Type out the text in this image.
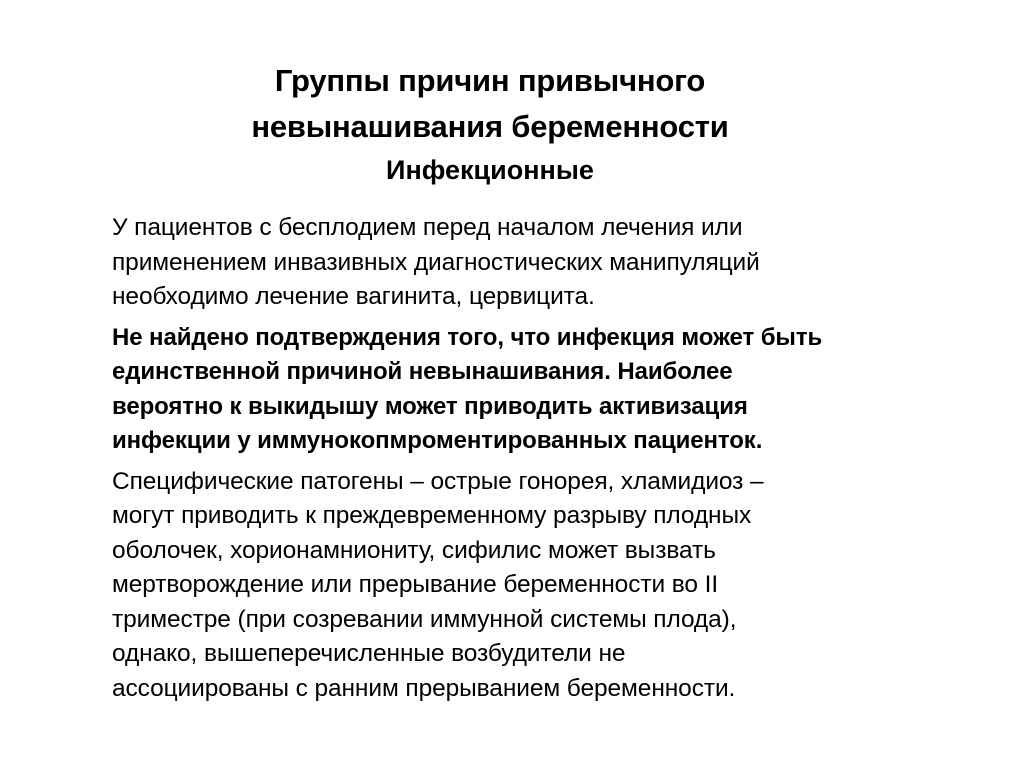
Группы причин привычного
невынашивания беременности
Инфекционные

У пациентов с бесплодием перед началом лечения или
применением инвазивных диагностических манипуляций
необходимо лечение вагинита, цервицита.

Не найдено подтверждения того, что инфекция может быть
единственной причиной невынашивания. Наиболее
вероятно к выкидышу может приводить активизация
инфекции у иммунокопмроментированных пациенток.

Специфические патогены – острые гонорея, хламидиоз –
могут приводить к преждевременному разрыву плодных
оболочек, хорионамниониту, сифилис может вызвать
мертворождение или прерывание беременности во II
триместре (при созревании иммунной системы плода),
однако, вышеперечисленные возбудители не
ассоциированы с ранним прерыванием беременности.
